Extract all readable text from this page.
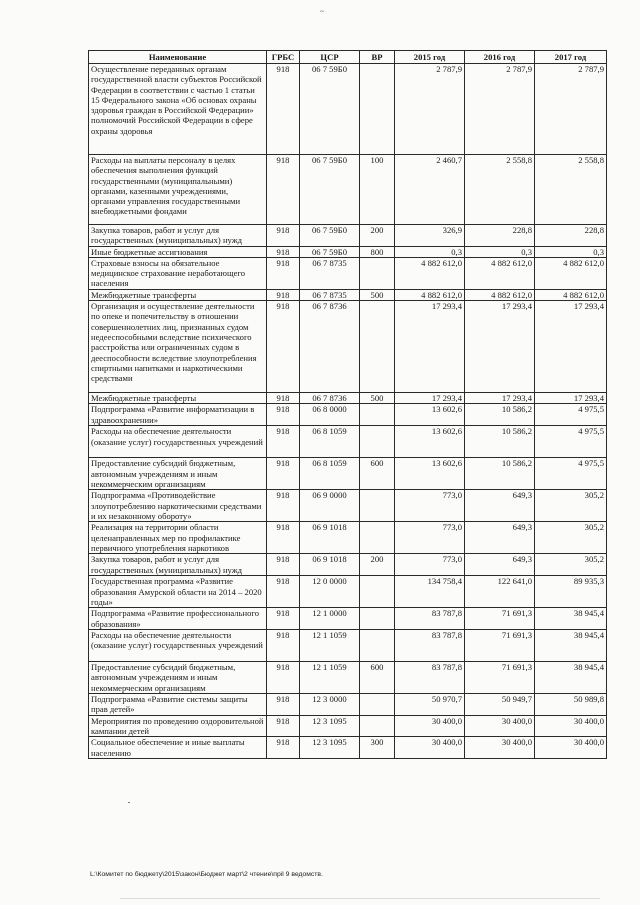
~
Наименование	ГРБС	ЦСР	ВР	2015 год	2016 год	2017 год
Осуществление переданных органам государственной власти субъектов Российской Федерации в соответствии с частью 1 статьи 15 Федерального закона «Об основах охраны здоровья граждан в Российской Федерации» полномочий Российской Федерации в сфере охраны здоровья	918	06 7 59Б0		2 787,9	2 787,9	2 787,9
Расходы на выплаты персоналу в целях обеспечения выполнения функций государственными (муниципальными) органами, казенными учреждениями, органами управления государственными внебюджетными фондами	918	06 7 59Б0	100	2 460,7	2 558,8	2 558,8
Закупка товаров, работ и услуг для государственных (муниципальных) нужд	918	06 7 59Б0	200	326,9	228,8	228,8
Иные бюджетные ассигнования	918	06 7 59Б0	800	0,3	0,3	0,3
Страховые взносы на обязательное медицинское страхование неработающего населения	918	06 7 8735		4 882 612,0	4 882 612,0	4 882 612,0
Межбюджетные трансферты	918	06 7 8735	500	4 882 612,0	4 882 612,0	4 882 612,0
Организация и осуществление деятельности по опеке и попечительству в отношении совершеннолетних лиц, признанных судом недееспособными вследствие психического расстройства или ограниченных судом в дееспособности вследствие злоупотребления спиртными напитками и наркотическими средствами	918	06 7 8736		17 293,4	17 293,4	17 293,4
Межбюджетные трансферты	918	06 7 8736	500	17 293,4	17 293,4	17 293,4
Подпрограмма «Развитие информатизации в здравоохранении»	918	06 8 0000		13 602,6	10 586,2	4 975,5
Расходы на обеспечение деятельности (оказание услуг) государственных учреждений	918	06 8 1059		13 602,6	10 586,2	4 975,5
Предоставление субсидий бюджетным, автономным учреждениям и иным некоммерческим организациям	918	06 8 1059	600	13 602,6	10 586,2	4 975,5
Подпрограмма «Противодействие злоупотреблению наркотическими средствами и их незаконному обороту»	918	06 9 0000		773,0	649,3	305,2
Реализация на территории области целенаправленных мер по профилактике первичного употребления наркотиков	918	06 9 1018		773,0	649,3	305,2
Закупка товаров, работ и услуг для государственных (муниципальных) нужд	918	06 9 1018	200	773,0	649,3	305,2
Государственная программа «Развитие образования Амурской области на 2014 – 2020 годы»	918	12 0 0000		134 758,4	122 641,0	89 935,3
Подпрограмма «Развитие профессионального образования»	918	12 1 0000		83 787,8	71 691,3	38 945,4
Расходы на обеспечение деятельности (оказание услуг) государственных учреждений	918	12 1 1059		83 787,8	71 691,3	38 945,4
Предоставление субсидий бюджетным, автономным учреждениям и иным некоммерческим организациям	918	12 1 1059	600	83 787,8	71 691,3	38 945,4
Подпрограмма «Развитие системы защиты прав детей»	918	12 3 0000		50 970,7	50 949,7	50 989,8
Мероприятия по проведению оздоровительной кампании детей	918	12 3 1095		30 400,0	30 400,0	30 400,0
Социальное обеспечение и иные выплаты населению	918	12 3 1095	300	30 400,0	30 400,0	30 400,0
L:\Комитет по бюджету\2015\закон\Бюджет март\2 чтение\прil 9 ведомств.
